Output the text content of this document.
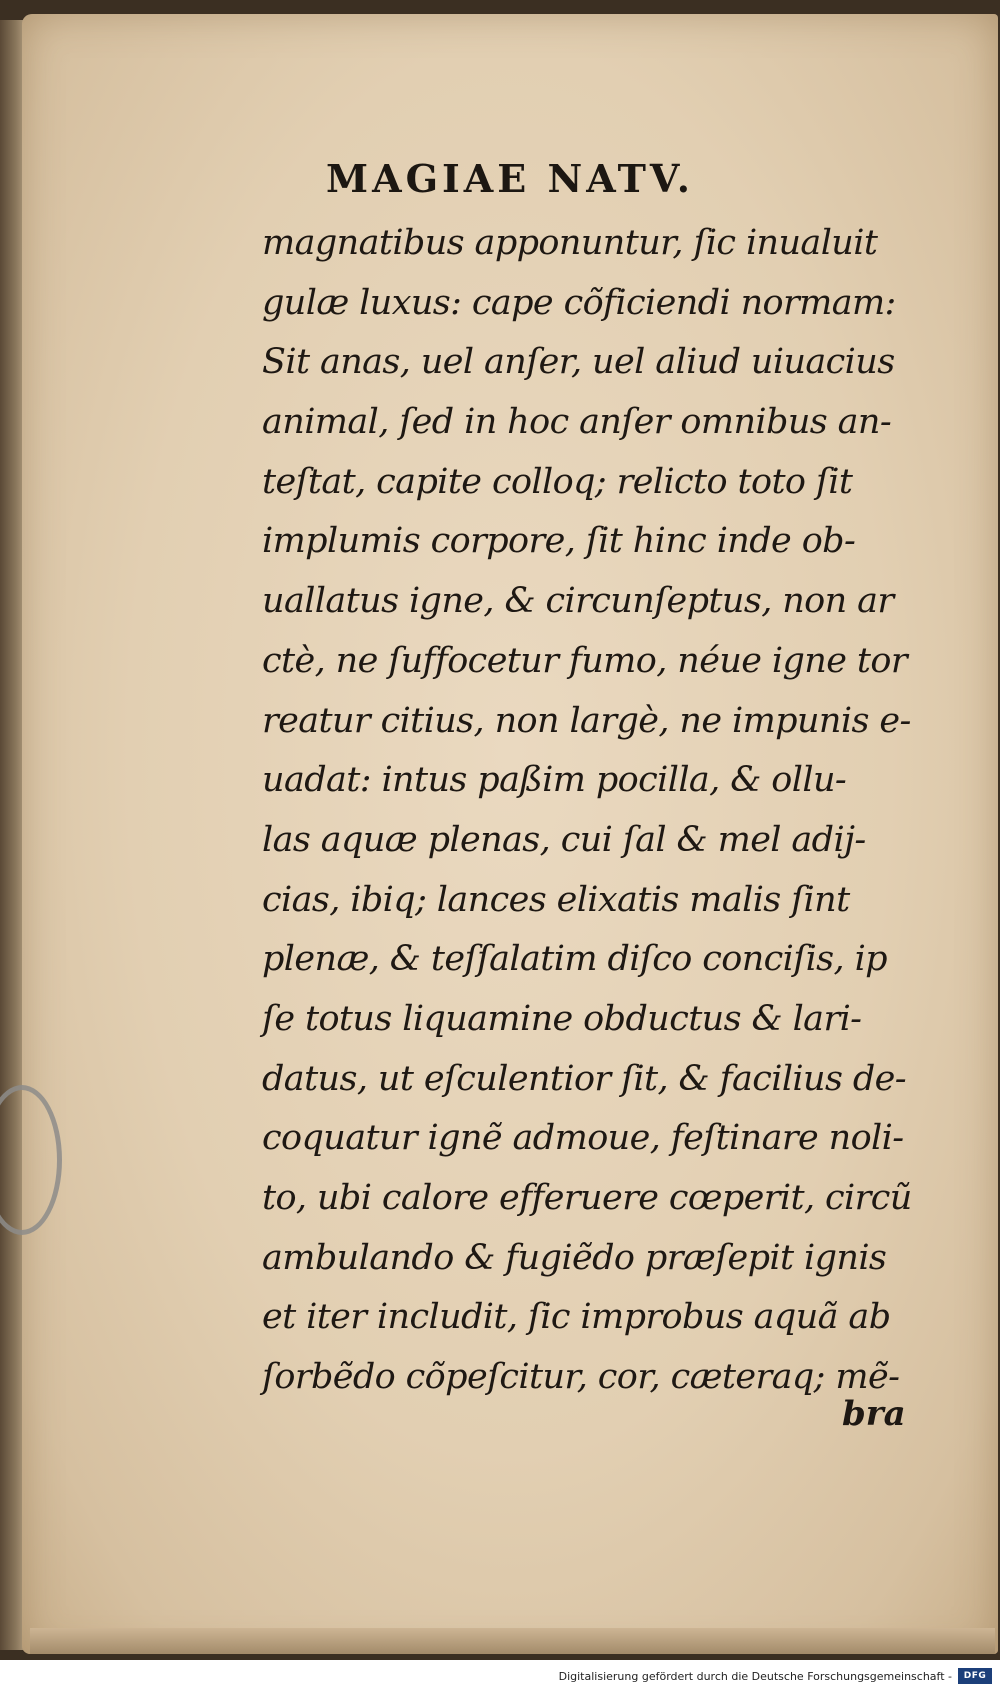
MAGIAE NATV.
magnatibus apponuntur, ſic inualuit
gulæ luxus: cape cõficiendi normam:
Sit anas, uel anſer, uel aliud uiuacius
animal, ſed in hoc anſer omnibus an-
teſtat, capite colloq; relicto toto ſit
implumis corpore, ſit hinc inde ob-
uallatus igne, & circunſeptus, non ar
ctè, ne ſuffocetur fumo, néue igne tor
reatur citius, non largè, ne impunis e-
uadat: intus paßim pocilla, & ollu-
las aquæ plenas, cui ſal & mel adij-
cias, ibiq; lances elixatis malis ſint
plenæ, & teſſalatim diſco conciſis, ip
ſe totus liquamine obductus & lari-
datus, ut eſculentior ſit, & facilius de-
coquatur ignẽ admoue, feſtinare noli-
to, ubi calore efferuere cœperit, circũ
ambulando & fugiẽdo præſepit ignis
et iter includit, ſic improbus aquã ab
ſorbẽdo cõpeſcitur, cor, cæteraq; mẽ-
bra
Digitalisierung gefördert durch die Deutsche Forschungsgemeinschaft -	DFG
